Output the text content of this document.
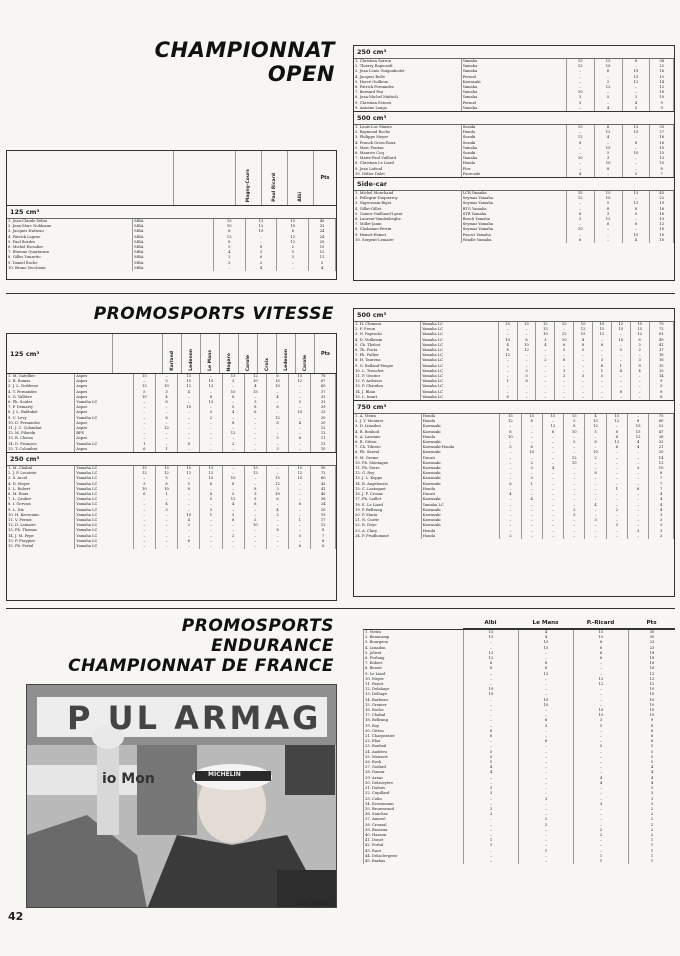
CHAMPIONNAT
OPEN
Magny-Cours	Paul Ricard	Albi
Pts
125 cm³
1. Jean-Claude Selini	MBA	15	15	15	45
2. Jean-Marc Nobleaux	MBA	10	12	10	32
3. Jacques Hutteau	MBA	6	10	8	24
4. Patrick Lagrue	MBA	12	–	12	24
5. Paul Bordes	MBA	8	–	12	20
6. Michel Escudier	MBA	5	8	2	15
7. Etienne Quartaram	MBA	4	3	5	12
8. Gilles Vanzetto	MBA	2	6	3	11
9. Daniel Roche	MBA	3	2	–	5
10. Bruno Vecchioni	MBA	–	4	–	4
250 cm³
1. Christian Sarron	Yamaha	15	15	8	38
2. Thierry Rapicault	Yamaha	12	10	–	22
3. Jean-Louis Guignabodet	Yamaha	–	6	10	16
4. Jacques Bolle	Pernod	–	–	15	15
5. Hervé Guilleux	Kawasaki	–	2	12	14
6. Patrick Fernandez	Yamaha	–	12	–	12
7. Bernard Fau	Yamaha	10	–	–	10
8. Jean-Michel Mattioli	Yamaha	3	5	2	10
9. Christian Estrosi	Pernod	5	–	4	9
9. Antoine Longo	Yamaha	–	4	5	9
500 cm³
1. Louis-Luc Maisto	Suzuki	15	6	12	33
2. Raymond Roche	Honda	–	12	15	27
3. Philippe Meyer	Suzuki	12	4	–	16
4. Franck Gross-Roux	Suzuki	8	–	8	16
5. Marc Fontan	Yamaha	–	15	–	15
6. Maurice Coq	Suzuki	–	5	10	15
7. Marie-Paul Vuillard	Yamaha	10	3	–	13
8. Christian Le Liard	Honda	–	10	–	10
9. Jean Lafond	Fior	–	8	–	8
10. Didier Dalet	Fourcade	4	–	3	7
Side-car
1. Michel Monchaud	LCR Yamaha	15	15	15	45
2. Pellegrin-Duquerroy	Seymaz Yamaha	12	10	–	22
3. Nigrovasin-Biget	Seymaz Yamaha	–	5	12	19
4. Gillet-Gillet	BTG Yamaha	–	8	8	16
5. Gomez-Guilbaud-Lyant	STR Yamaha	8	3	5	16
6. Laurent-Vandenheghe	Busch Yamaha	3	12	–	15
7. Millet-Janin	Seymaz Yamaha	–	6	6	12
8. Chabanne-Perrin	Seymaz Yamaha	10	–	–	10
9. Hemet-Hemet	Pascut Yamaha	–	–	10	10
10. Serpent-Lemaire	Windle Yamaha	6	–	4	10
PROMOSPORTS VITESSE
125 cm³	Karland	Ledenon	Le Mans	Nogaro	Carole	Croix	Ledenon	Carole
Pts
1. M. Gatellier	Aspes	15	–	15	–	15	12	6	15	78
2. R. Romas	Aspes	–	5	15	10	3	10	15	12	67
3. J. L. Noblesse	Aspes	12	10	12	12	–	4	10	–	60
4. T. Fernandez	Aspes	5	3	4	–	10	15	–	–	37
5. G. Vallière	Aspes	10	4	–	8	6	–	4	–	32
6. Ph. Soulez	Yamaha LC	–	8	–	15	–	3	–	5	31
7. P. Demarty	Aspes	–	–	10	–	5	8	6	–	29
8. J. L. Balduket	Aspes	–	–	–	3	4	6	–	10	23
9. C. Levy	Yamaha LC	–	6	–	2	–	–	12	–	20
10. D. Fernandez	Aspes	–	–	–	–	8	–	8	4	20
11. J. C. Colombat	Aspes	–	12	–	–	–	–	–	–	12
12. M. Pilarski	BPS	–	–	–	–	12	–	–	–	12
13. R. Chiesa	Aspes	–	–	–	–	–	–	5	6	11
14. D. François	Yamaha LC	1	–	8	–	2	–	–	–	11
15. T. Colombat	Aspes	6	1	–	–	–	–	3	–	10
250 cm³
1. M. Chabal	Yamaha LC	15	15	15	15	–	15	–	15	90
2. J. P. Lecointe	Yamaha LC	12	12	12	12	–	12	–	12	72
3. S. Arcel	Yamaha LC	–	5	–	10	10	–	15	10	60
4. D. Moyer	Yamaha LC	3	8	5	6	8	–	12	–	42
5. L. Robert	Yamaha LC	10	10	8	–	–	8	3	–	41
6. M. Roux	Yamaha LC	6	1	–	8	5	3	10	–	40
7. L. Caulier	Yamaha LC	–	–	–	5	12	5	6	–	38
8. I. Gervais	Yamaha LC	–	4	–	–	4	6	–	6	24
9. L. Dix	Yamaha LC	–	3	–	3	–	–	4	–	20
10. H. Kervennic	Yamaha LC	–	–	10	1	3	–	2	–	19
11. V. Fernot	Yamaha LC	–	–	4	–	6	2	–	1	17
12. D. Lemaire	Yamaha LC	–	–	2	–	–	10	–	–	12
13. Ph. Thomas	Yamaha LC	–	–	–	–	–	–	8	–	8
14. J. M. Pepe	Yamaha LC	–	–	–	–	2	–	–	5	7
15. P. Fraypier	Yamaha LC	–	–	6	–	–	–	–	–	6
15. Ph. Portal	Yamaha LC	–	–	–	–	–	–	–	6	6
500 cm³
1. H. Chimora	Yamaha LC	15	15	12	15	10	10	12	10	79
2. F. Freon	Yamaha LC	–	–	15	–	12	15	15	15	72
3. N. Papvocki	Yamaha LC	–	–	10	12	15	12	–	12	61
4. D. Vuillemin	Yamaha LC	10	6	3	10	4	–	10	6	49
5. Ch. Thebot	Yamaha LC	4	10	4	6	8	8	–	5	41
6. Th. Poeta	Yamaha LC	8	12	–	5	5	–	5	2	37
7. Ph. Pallier	Yamaha LC	12	–	–	–	–	–	–	–	18
8. H. Taurena	Yamaha LC	–	–	2	8	–	3	–	3	16
9. G. Rolland-Pieque	Yamaha LC	–	–	–	–	–	6	1	8	15
10. L. Tronchet	Yamaha LC	–	3	–	3	–	1	4	4	15
11. P. Gentier	Yamaha LC	–	5	–	2	3	5	–	–	14
12. P. Ardoises	Yamaha LC	1	8	–	–	–	–	–	–	9
13. P. Chaudon	Yamaha LC	–	–	–	–	–	–	–	–	9
14. J. Blain	Yamaha LC	–	–	–	–	–	–	8	–	8
15. L. Imart	Yamaha LC	6	–	–	–	–	–	–	–	6
750 cm³
1. A. Vieira	Honda	15	15	15	15	4	15	–	75
2. J. Y. Mounier	Honda	12	8	–	5	15	12	8	60
3. D. Lisiadon	Kawasaki	–	–	12	8	12	–	10	52
4. R. Bonhoil	Kawasaki	8	–	6	10	5	8	15	47
5. A. Lanvane	Honda	10	–	–	–	–	6	12	36
6. R. Gitton	Kawasaki	–	–	–	5	8	12	4	32
7. Ch. Tiberio	Kawasaki-Honda	5	6	–	–	–	6	4	21
8. Ph. Saaval	Kawasaki	–	10	–	–	10	–	–	20
9. M. Greme	Ducati	–	–	–	12	2	–	–	14
10. Ph. Montagne	Kawasaki	–	2	–	10	–	–	–	12
11. Ph. Serre	Kawasaki	–	3	4	–	–	–	3	10
12. G. Roy	Kawasaki	–	–	–	–	8	–	–	8
13. J. L. Koppe	Kawasaki	–	5	–	–	–	–	–	7
14. R. Angelonzio	Kawasaki	6	1	–	–	–	–	–	7
15. C. Lastoquot	Honda	–	–	–	–	–	1	6	7
16. J. F. Crosaz	Ducati	4	–	–	–	–	–	–	4
17. Ph. Laillet	Kawasaki	–	4	–	–	–	–	–	4
18. E. Le Liard	Yamaha LC	–	–	–	–	4	–	–	4
19. P. Bellrang	Kawasaki	–	–	–	2	–	2	–	4
20. P. Maria	Kawasaki	–	–	–	3	–	–	–	3
21. N. Currir	Kawasaki	–	–	–	–	3	–	–	3
22. R. Deye	Kawasaki	–	–	–	–	–	3	–	3
23. A. Clary	Honda	–	–	–	–	–	–	3	3
24. P. Prudhommé	Honda	2	–	–	–	–	–	–	2
PROMOSPORTS
ENDURANCE
CHAMPIONNAT DE FRANCE
P UL ARMAG
io Mon	MICHELIN
Alex Vieira
Albi	Le Mans	P.-Ricard	Pts
1. Vieira	15	4	15	30
2. Beaucamp	15	4	15	30
3. Bourgeon	–	15	8	23
4. Lisiadon	–	15	8	23
5. Jolivet	12	–	6	18
6. Furlong	12	–	6	18
7. Robert	8	8	–	16
8. Benoit	8	8	–	16
9. Le Liard	–	12	–	12
10. Meyer	–	–	12	12
11. Pariot	–	–	12	12
12. Delahaye	10	–	–	10
13. Delhaye	10	–	–	10
14. Barbeau	–	10	–	10
15. Grenier	–	10	–	10
16. Roche	–	–	10	10
17. Chabal	–	–	10	10
18. Bellrang	–	6	3	9
19. Roy	–	3	5	8
20. Gitton	6	–	–	6
21. Charpentier	6	–	–	6
22. Eboi	–	6	–	6
23. Bonhoil	–	–	5	5
24. Andrieu	5	–	–	5
25. Mousset	5	–	–	5
26. Bosh	5	–	–	5
27. Godard	4	–	–	4
28. Damar	4	–	–	4
29. Arnac	–	–	4	4
30. Delaveyère	–	–	4	4
31. Dubois	3	–	–	3
32. Cupillard	3	–	–	3
33. Colin	–	3	–	3
34. Kvesemann	–	–	3	3
35. Brousseaud	2	–	–	2
36. Sanchez	2	–	–	2
37. Amorel	–	2	–	2
38. Crouzal	–	2	–	2
39. Basseux	–	–	2	2
40. Hanson	–	–	2	2
41. Donet	1	–	–	1
42. Portal	1	–	–	1
43. Race	–	1	–	1
44. Delaclergerie	–	–	1	1
45. Barbas	–	–	1	1
42
